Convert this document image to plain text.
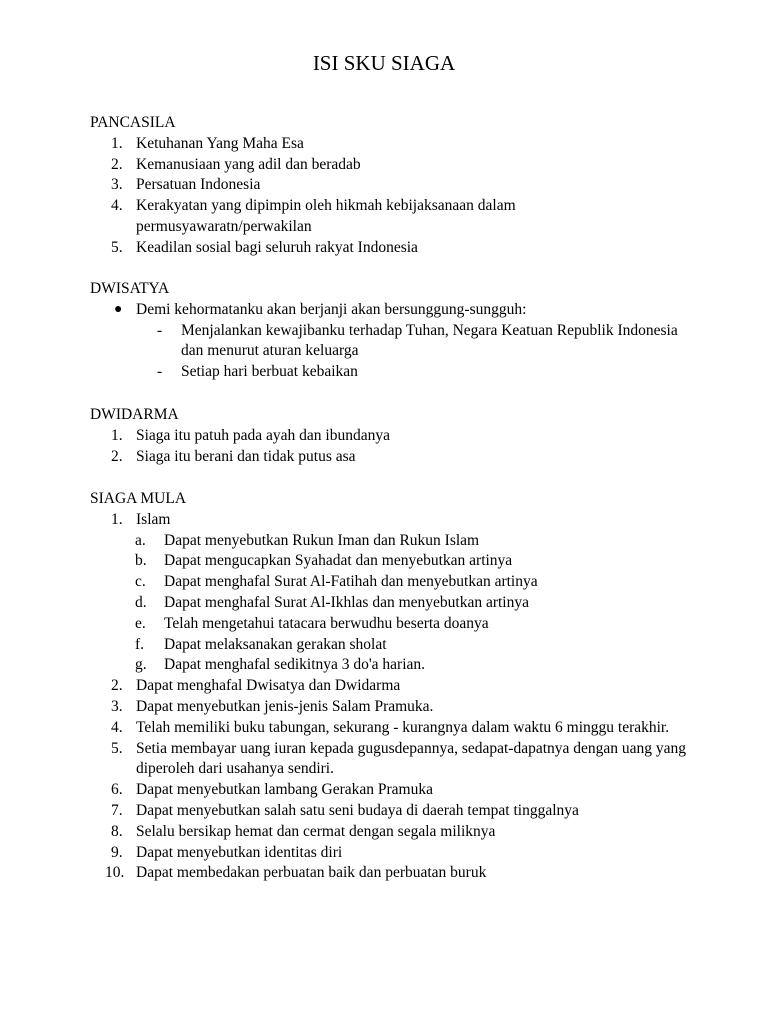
ISI SKU SIAGA
PANCASILA
1. Ketuhanan Yang Maha Esa
2. Kemanusiaan yang adil dan beradab
3. Persatuan Indonesia
4. Kerakyatan yang dipimpin oleh hikmah kebijaksanaan dalam permusyawaratn/perwakilan
5. Keadilan sosial bagi seluruh rakyat Indonesia
DWISATYA
● Demi kehormatanku akan berjanji akan bersunggung-sungguh:
- Menjalankan kewajibanku terhadap Tuhan, Negara Keatuan Republik Indonesia dan menurut aturan keluarga
- Setiap hari berbuat kebaikan
DWIDARMA
1. Siaga itu patuh pada ayah dan ibundanya
2. Siaga itu berani dan tidak putus asa
SIAGA MULA
1. Islam
a. Dapat menyebutkan Rukun Iman dan Rukun Islam
b. Dapat mengucapkan Syahadat dan menyebutkan artinya
c. Dapat menghafal Surat Al-Fatihah dan menyebutkan artinya
d. Dapat menghafal Surat Al-Ikhlas dan menyebutkan artinya
e. Telah mengetahui tatacara berwudhu beserta doanya
f. Dapat melaksanakan gerakan sholat
g. Dapat menghafal sedikitnya 3 do'a harian.
2. Dapat menghafal Dwisatya dan Dwidarma
3. Dapat menyebutkan jenis-jenis Salam Pramuka.
4. Telah memiliki buku tabungan, sekurang - kurangnya dalam waktu 6 minggu terakhir.
5. Setia membayar uang iuran kepada gugusdepannya, sedapat-dapatnya dengan uang yang diperoleh dari usahanya sendiri.
6. Dapat menyebutkan lambang Gerakan Pramuka
7. Dapat menyebutkan salah satu seni budaya di daerah tempat tinggalnya
8. Selalu bersikap hemat dan cermat dengan segala miliknya
9. Dapat menyebutkan identitas diri
10. Dapat membedakan perbuatan baik dan perbuatan buruk
